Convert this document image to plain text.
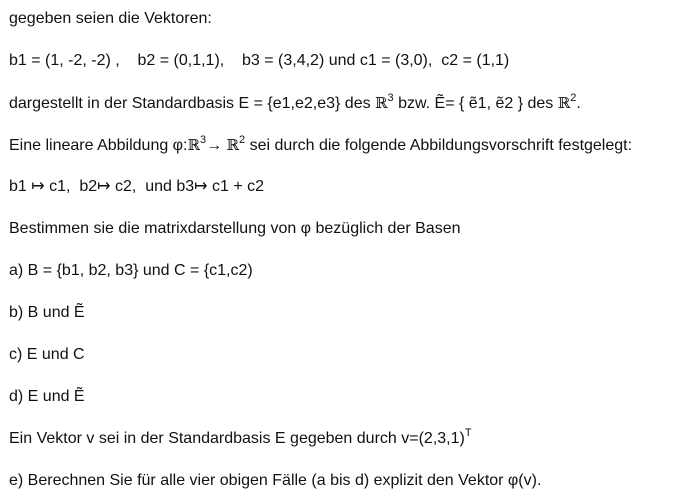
gegeben seien die Vektoren:
b1 = (1, -2, -2) ,    b2 = (0,1,1),    b3 = (3,4,2) und c1 = (3,0),  c2 = (1,1)
dargestellt in der Standardbasis E = {e1,e2,e3} des ℝ$^3$ bzw. Ẽ= { ẽ1, ẽ2 } des ℝ$^2$.
Eine lineare Abbildung φ:ℝ$^3$→ ℝ$^2$ sei durch die folgende Abbildungsvorschrift festgelegt:
b1 ↦ c1,  b2↦ c2,  und b3↦ c1 + c2
Bestimmen sie die matrixdarstellung von φ bezüglich der Basen
a) B = {b1, b2, b3} und C = {c1,c2)
b) B und Ẽ
c) E und C
d) E und Ẽ
Ein Vektor v sei in der Standardbasis E gegeben durch $v=(2,3,1)^T$
e) Berechnen Sie für alle vier obigen Fälle (a bis d) explizit den Vektor φ(v).
